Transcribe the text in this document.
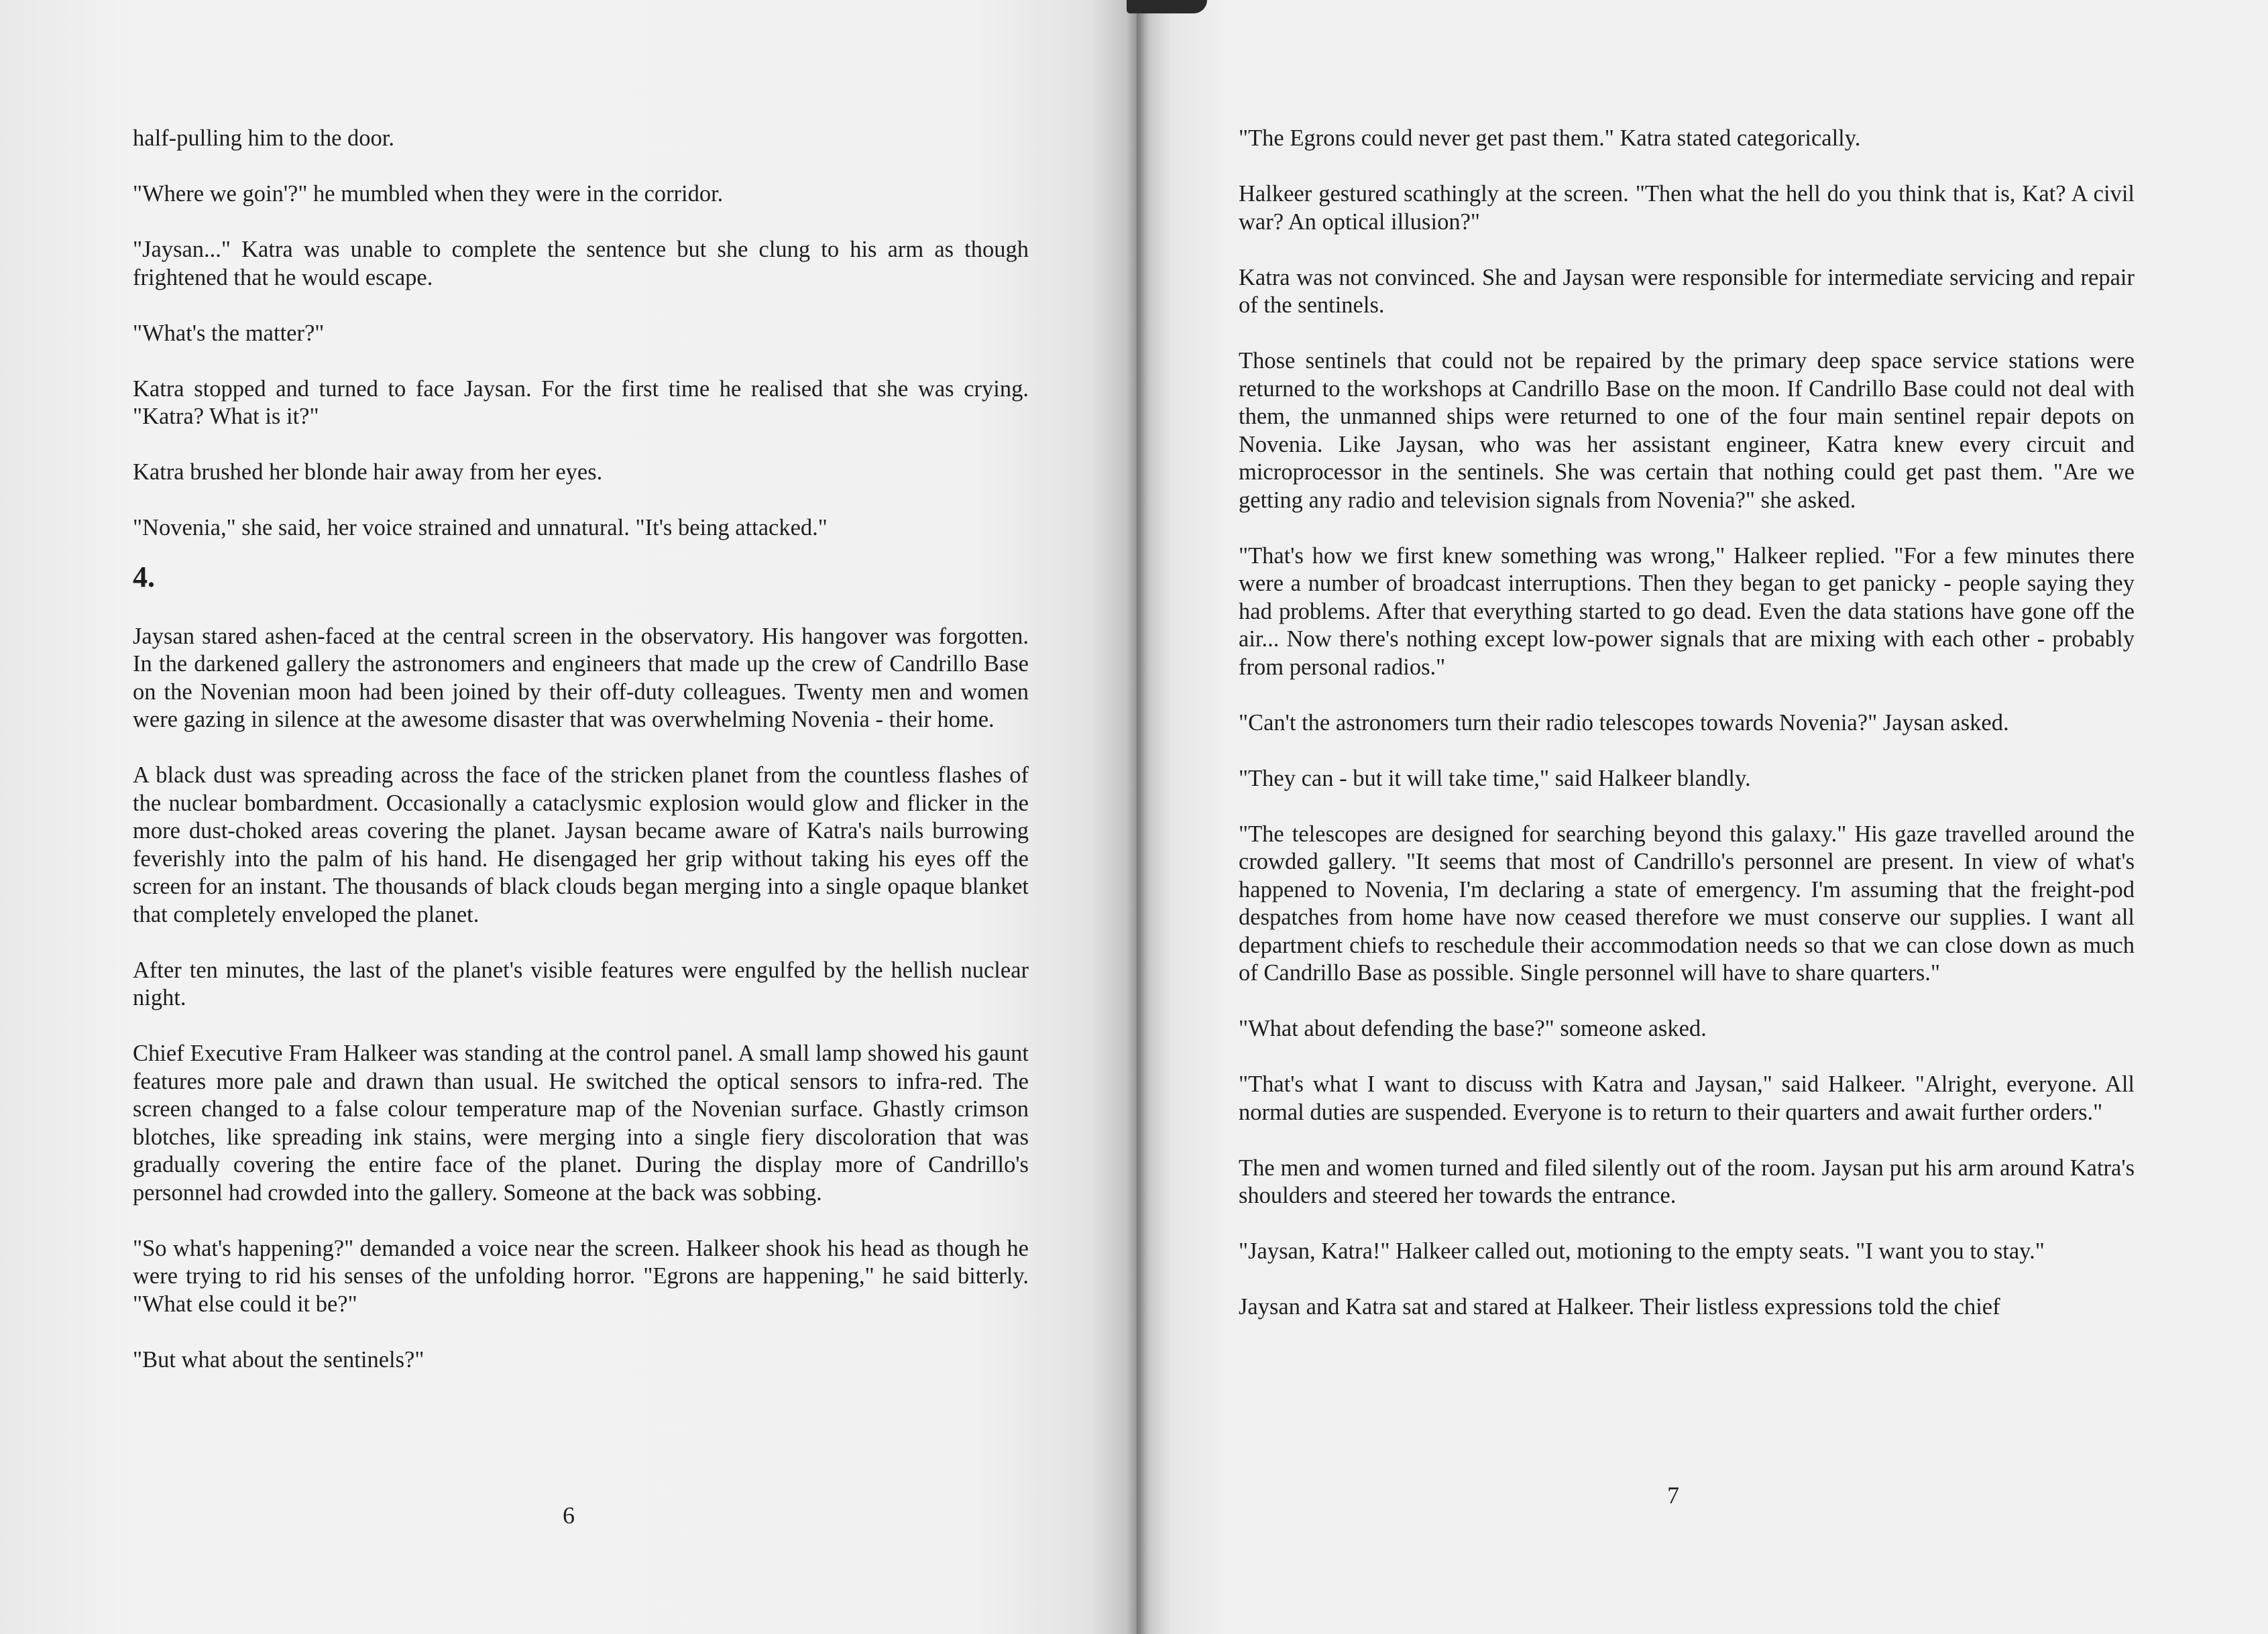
half-pulling him to the door.

"Where we goin'?" he mumbled when they were in the corridor.

"Jaysan..." Katra was unable to complete the sentence but she clung to his arm as though frightened that he would escape.

"What's the matter?"

Katra stopped and turned to face Jaysan. For the first time he realised that she was crying. "Katra? What is it?"

Katra brushed her blonde hair away from her eyes.

"Novenia," she said, her voice strained and unnatural. "It's being attacked."

4.

Jaysan stared ashen-faced at the central screen in the observatory. His hangover was forgotten. In the darkened gallery the astronomers and engineers that made up the crew of Candrillo Base on the Novenian moon had been joined by their off-duty colleagues. Twenty men and women were gazing in silence at the awesome disaster that was overwhelming Novenia - their home.

A black dust was spreading across the face of the stricken planet from the countless flashes of the nuclear bombardment. Occasionally a cataclysmic explosion would glow and flicker in the more dust-choked areas covering the planet. Jaysan became aware of Katra's nails burrowing feverishly into the palm of his hand. He disengaged her grip without taking his eyes off the screen for an instant. The thousands of black clouds began merging into a single opaque blanket that completely enveloped the planet.

After ten minutes, the last of the planet's visible features were engulfed by the hellish nuclear night.

Chief Executive Fram Halkeer was standing at the control panel. A small lamp showed his gaunt features more pale and drawn than usual. He switched the optical sensors to infra-red. The screen changed to a false colour temperature map of the Novenian surface. Ghastly crimson blotches, like spreading ink stains, were merging into a single fiery discoloration that was gradually covering the entire face of the planet. During the display more of Candrillo's personnel had crowded into the gallery. Someone at the back was sobbing.

"So what's happening?" demanded a voice near the screen. Halkeer shook his head as though he were trying to rid his senses of the unfolding horror. "Egrons are happening," he said bitterly. "What else could it be?"

"But what about the sentinels?"

6

"The Egrons could never get past them." Katra stated categorically.

Halkeer gestured scathingly at the screen. "Then what the hell do you think that is, Kat? A civil war? An optical illusion?"

Katra was not convinced. She and Jaysan were responsible for intermediate servicing and repair of the sentinels.

Those sentinels that could not be repaired by the primary deep space service stations were returned to the workshops at Candrillo Base on the moon. If Candrillo Base could not deal with them, the unmanned ships were returned to one of the four main sentinel repair depots on Novenia. Like Jaysan, who was her assistant engineer, Katra knew every circuit and microprocessor in the sentinels. She was certain that nothing could get past them. "Are we getting any radio and television signals from Novenia?" she asked.

"That's how we first knew something was wrong," Halkeer replied. "For a few minutes there were a number of broadcast interruptions. Then they began to get panicky - people saying they had problems. After that everything started to go dead. Even the data stations have gone off the air... Now there's nothing except low-power signals that are mixing with each other - probably from personal radios."

"Can't the astronomers turn their radio telescopes towards Novenia?" Jaysan asked.

"They can - but it will take time," said Halkeer blandly.

"The telescopes are designed for searching beyond this galaxy." His gaze travelled around the crowded gallery. "It seems that most of Candrillo's personnel are present. In view of what's happened to Novenia, I'm declaring a state of emergency. I'm assuming that the freight-pod despatches from home have now ceased therefore we must conserve our supplies. I want all department chiefs to reschedule their accommodation needs so that we can close down as much of Candrillo Base as possible. Single personnel will have to share quarters."

"What about defending the base?" someone asked.

"That's what I want to discuss with Katra and Jaysan," said Halkeer. "Alright, everyone. All normal duties are suspended. Everyone is to return to their quarters and await further orders."

The men and women turned and filed silently out of the room. Jaysan put his arm around Katra's shoulders and steered her towards the entrance.

"Jaysan, Katra!" Halkeer called out, motioning to the empty seats. "I want you to stay."

Jaysan and Katra sat and stared at Halkeer. Their listless expressions told the chief

7
